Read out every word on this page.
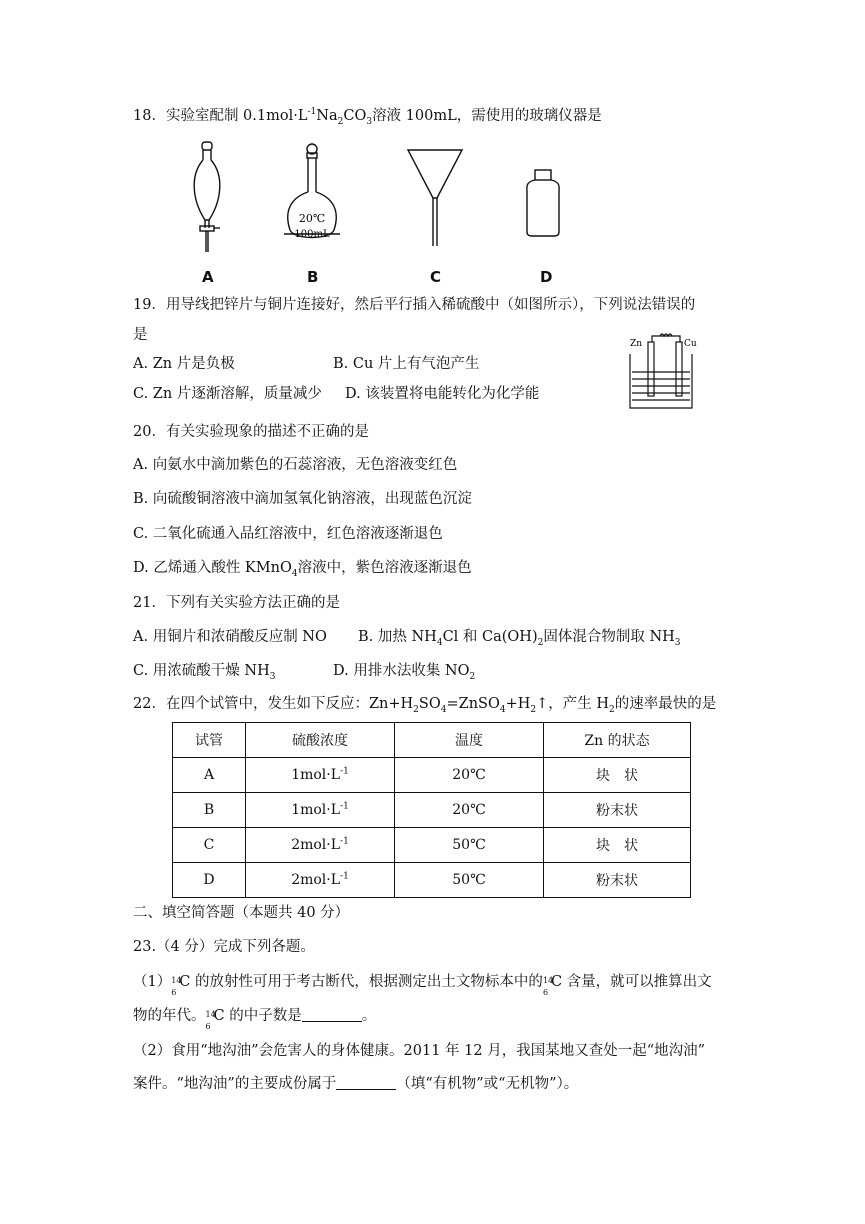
18．实验室配制 $0.1mol\cdot L^{-1}Na_2CO_3$溶液 100mL，需使用的玻璃仪器是
20℃
100mL
A	B	C	D
19．用导线把锌片与铜片连接好，然后平行插入稀硫酸中（如图所示），下列说法错误的
是
A. Zn 片是负极	B. Cu 片上有气泡产生
C. Zn 片逐渐溶解，质量减少 D. 该装置将电能转化为化学能
Zn	Cu
20．有关实验现象的描述不正确的是
A. 向氨水中滴加紫色的石蕊溶液，无色溶液变红色
B. 向硫酸铜溶液中滴加氢氧化钠溶液，出现蓝色沉淀
C. 二氧化硫通入品红溶液中，红色溶液逐渐退色
D. 乙烯通入酸性 KMnO$_4$溶液中，紫色溶液逐渐退色
21．下列有关实验方法正确的是
A. 用铜片和浓硝酸反应制 NO B. 加热 $NH_4Cl$ 和 $Ca(OH)_2$固体混合物制取 $NH_3$
C. 用浓硫酸干燥 $NH_3$	D. 用排水法收集 $NO_2$
22．在四个试管中，发生如下反应：$Zn+H_2SO_4=ZnSO_4+H_2↑$，产生 $H_2$的速率最快的是
试管	硫酸浓度	温度	Zn 的状态
A	$1mol\cdot L^{-1}$	20℃	块　状
B	$1mol\cdot L^{-1}$	20℃	粉末状
C	$2mol\cdot L^{-1}$	50℃	块　状
D	$2mol\cdot L^{-1}$	50℃	粉末状
二、填空简答题（本题共 40 分）
23.（4 分）完成下列各题。
（1） 14
6
C 的放射性可用于考古断代，根据测定出土文物标本中的 14
6
C 含量，就可以推算出文
物的年代。 14
6
C 的中子数是	。
（2）食用“地沟油”会危害人的身体健康。2011 年 12 月，我国某地又查处一起“地沟油”
案件。“地沟油”的主要成份属于	（填“有机物”或“无机物”）。
